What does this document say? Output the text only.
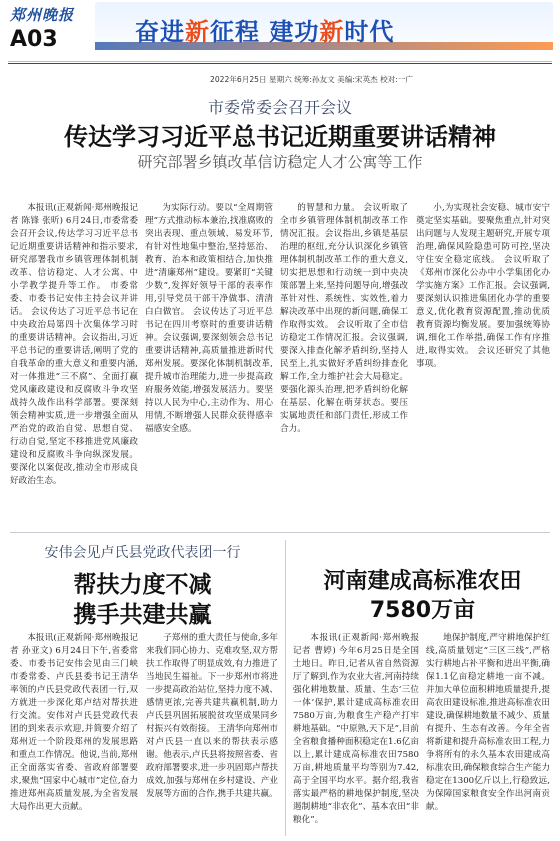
郑州晚报
A03	奋进新征程 建功新时代
2022年6月25日 星期六 统筹:孙友文 美编:宋英杰 校对:一广
市委常委会召开会议
传达学习习近平总书记近期重要讲话精神
研究部署乡镇改革信访稳定人才公寓等工作

本报讯(正观新闻·郑州晚报记者 陈锋 张昕) 6月24日,市委常委会召开会议,传达学习习近平总书记近期重要讲话精神和指示要求,研究部署我市乡镇管理体制机制改革、信访稳定、人才公寓、中小学教学提升等工作。 市委常委、市委书记安伟主持会议并讲话。 会议传达了习近平总书记在中央政治局第四十次集体学习时的重要讲话精神。会议指出,习近平总书记的重要讲话,阐明了党的自我革命的重大意义和重要内涵,对一体推进“三不腐”、全面打赢党风廉政建设和反腐败斗争攻坚战持久战作出科学部署。要深刻领会精神实质,进一步增强全面从严治党的政治自觉、思想自觉、行动自觉,坚定不移推进党风廉政建设和反腐败斗争向纵深发展。要深化以案促改,推动全市形成良好政治生态。

为实际行动。要以“全周期管理”方式推动标本兼治,找准腐败的突出表现、重点领域、易发环节,有针对性地集中整治,坚持惩治、教育、治本和政策相结合,加快推进“清廉郑州”建设。要紧盯“关键少数”,发挥好领导干部的表率作用,引导党员干部干净做事、清清白白做官。 会议传达了习近平总书记在四川考察时的重要讲话精神。会议强调,要深刻领会总书记重要讲话精神,高质量推进新时代郑州发展。要深化体制机制改革,提升城市治理能力,进一步提高政府服务效能,增强发展活力。要坚持以人民为中心,主动作为、用心用情,不断增强人民群众获得感幸福感安全感。

的智慧和力量。 会议听取了全市乡镇管理体制机制改革工作情况汇报。会议指出,乡镇是基层治理的枢纽,充分认识深化乡镇管理体制机制改革工作的重大意义,切实把思想和行动统一到中央决策部署上来,坚持问题导向,增强改革针对性、系统性、实效性,着力解决改革中出现的新问题,确保工作取得实效。 会议听取了全市信访稳定工作情况汇报。会议强调,要深入排查化解矛盾纠纷,坚持人民至上,扎实做好矛盾纠纷排查化解工作,全力维护社会大局稳定。要强化源头治理,把矛盾纠纷化解在基层、化解在萌芽状态。要压实属地责任和部门责任,形成工作合力。

小,为实现社会安稳、城市安宁奠定坚实基础。要聚焦重点,针对突出问题与人发现主题研究,开展专项治理,确保风险隐患可防可控,坚决守住安全稳定底线。 会议听取了《郑州市深化公办中小学集团化办学实施方案》工作汇报。会议强调,要深刻认识推进集团化办学的重要意义,优化教育资源配置,推动优质教育资源均衡发展。要加强统筹协调,细化工作举措,确保工作有序推进,取得实效。 会议还研究了其他事项。

安伟会见卢氏县党政代表团一行
帮扶力度不减
携手共建共赢

本报讯(正观新闻·郑州晚报记者 孙亚文) 6月24日下午,省委常委、市委书记安伟会见由三门峡市委常委、卢氏县委书记王清华率领的卢氏县党政代表团一行,双方就进一步深化郑卢结对帮扶进行交流。安伟对卢氏县党政代表团的到来表示欢迎,并简要介绍了郑州近一个阶段郑州的发展思路和重点工作情况。他说,当前,郑州正全面落实省委、省政府部署要求,聚焦“国家中心城市”定位,奋力推进郑州高质量发展,为全省发展大局作出更大贡献。

子郑州的重大责任与使命,多年来我们同心协力、克难攻坚,双方帮扶工作取得了明显成效,有力推进了当地民生福祉。下一步郑州市将进一步提高政治站位,坚持力度不减、感情更浓,完善共建共赢机制,助力卢氏县巩固拓展脱贫攻坚成果同乡村振兴有效衔接。 王清华向郑州市对卢氏县一直以来的帮扶表示感谢。他表示,卢氏县将按照省委、省政府部署要求,进一步巩固郑卢帮扶成效,加强与郑州在乡村建设、产业发展等方面的合作,携手共建共赢。

河南建成高标准农田
7580万亩

本报讯(正观新闻·郑州晚报记者 曹婷) 今年6月25日是全国土地日。昨日,记者从省自然资源厅了解到,作为农业大省,河南持续强化耕地数量、质量、生态‘三位一体’保护,累计建成高标准农田7580万亩,为粮食生产稳产打牢耕地基础。“中原熟,天下足”,目前全省粮食播种面积稳定在1.6亿亩以上,累计建成高标准农田7580万亩,耕地质量平均等别为7.42,高于全国平均水平。据介绍,我省落实最严格的耕地保护制度,坚决遏制耕地“非农化”、基本农田“非粮化”。

地保护制度,严守耕地保护红线,高质量划定“三区三线”,严格实行耕地占补平衡和进出平衡,确保1.1亿亩稳定耕地一亩不减。并加大单位面积耕地质量提升,提高农田建设标准,推进高标准农田建设,确保耕地数量不减少、质量有提升、生态有改善。今年全省将新建和提升高标准农田工程,力争将所有的永久基本农田建成高标准农田,确保粮食综合生产能力稳定在1300亿斤以上,行稳致远,为保障国家粮食安全作出河南贡献。
